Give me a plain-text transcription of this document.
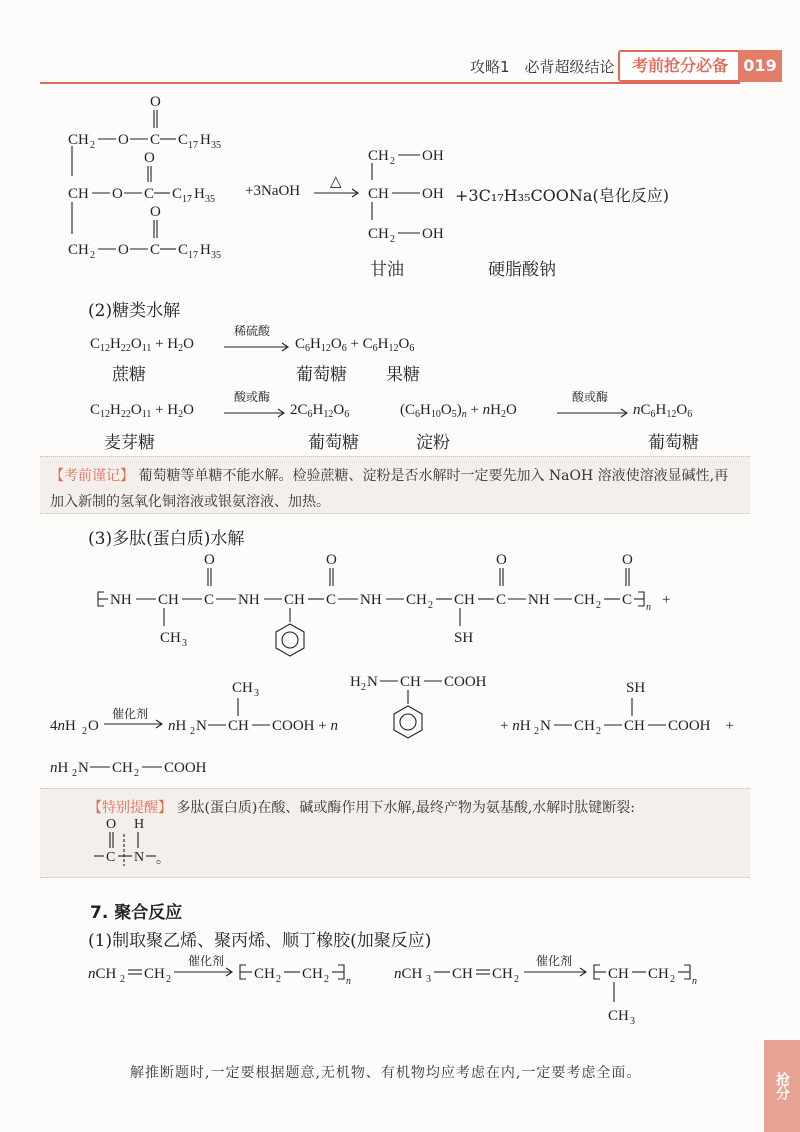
攻略1　必背超级结论	考前抢分必备 019
CH 2 O C C 17 H 35
O
CH O C C 17 H 35
O
CH 2 O C C 17 H 35
O
CH 2 OH
CH OH
CH 2 OH
+3NaOH
△
+3C₁₇H₃₅COONa(皂化反应)
甘油	硬脂酸钠
(2)糖类水解
$C_{12}H_{22}O_{11} + H_2O$
稀硫酸
$C_6H_{12}O_6 + C_6H_{12}O_6$
蔗糖	葡萄糖 果糖
$C_{12}H_{22}O_{11} + H_2O$
酸或酶
$2C_6H_{12}O_6$	$(C_6H_{10}O_5)_n + nH_2O$
酸或酶
$nC_6H_{12}O_6$
麦芽糖	葡萄糖	淀粉	葡萄糖
【考前谨记】 葡萄糖等单糖不能水解。检验蔗糖、淀粉是否水解时一定要先加入 NaOH 溶液使溶液显碱性,再加入新制的氢氧化铜溶液或银氨溶液、加热。
(3)多肽(蛋白质)水解
NH CH C NH CH C NH CH 2 CH C NH CH 2 C n +
O	O	O	O
CH 3	SH
4nH 2 O	nH 2 N CH COOH + n
CH 3
H 2 N CH COOH
+ nH 2 N CH 2 CH COOH　+
SH
nH 2 N CH 2 COOH
催化剂
【特别提醒】 多肽(蛋白质)在酸、碱或酶作用下水解,最终产物为氨基酸,水解时肽键断裂:
C
O
N
H
。
7. 聚合反应
(1)制取聚乙烯、聚丙烯、顺丁橡胶(加聚反应)
nCH 2 CH 2	CH 2 CH 2 n	nCH 3 CH CH 2	CH CH 2 n
CH 3
催化剂	催化剂
解推断题时,一定要根据题意,无机物、有机物均应考虑在内,一定要考虑全面。	抢分
